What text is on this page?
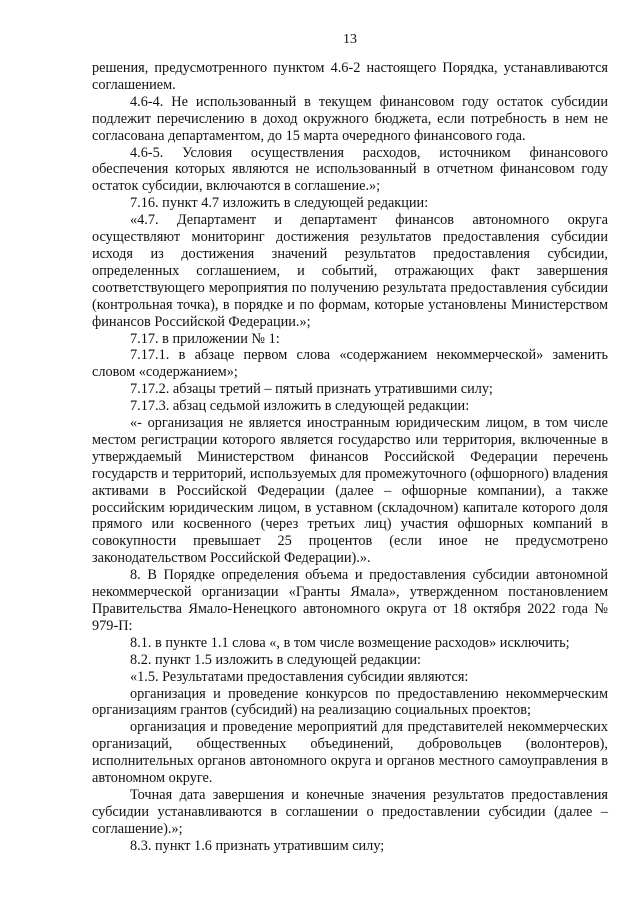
13

решения, предусмотренного пунктом 4.6-2 настоящего Порядка, устанавливаются соглашением.

4.6-4. Не использованный в текущем финансовом году остаток субсидии подлежит перечислению в доход окружного бюджета, если потребность в нем не согласована департаментом, до 15 марта очередного финансового года.

4.6-5. Условия осуществления расходов, источником финансового обеспечения которых являются не использованный в отчетном финансовом году остаток субсидии, включаются в соглашение.»;

7.16. пункт 4.7 изложить в следующей редакции:

«4.7. Департамент и департамент финансов автономного округа осуществляют мониторинг достижения результатов предоставления субсидии исходя из достижения значений результатов предоставления субсидии, определенных соглашением, и событий, отражающих факт завершения соответствующего мероприятия по получению результата предоставления субсидии (контрольная точка), в порядке и по формам, которые установлены Министерством финансов Российской Федерации.»;

7.17. в приложении № 1:

7.17.1. в абзаце первом слова «содержанием некоммерческой» заменить словом «содержанием»;

7.17.2. абзацы третий – пятый признать утратившими силу;

7.17.3. абзац седьмой изложить в следующей редакции:

«- организация не является иностранным юридическим лицом, в том числе местом регистрации которого является государство или территория, включенные в утверждаемый Министерством финансов Российской Федерации перечень государств и территорий, используемых для промежуточного (офшорного) владения активами в Российской Федерации (далее – офшорные компании), а также российским юридическим лицом, в уставном (складочном) капитале которого доля прямого или косвенного (через третьих лиц) участия офшорных компаний в совокупности превышает 25 процентов (если иное не предусмотрено законодательством Российской Федерации).».

8. В Порядке определения объема и предоставления субсидии автономной некоммерческой организации «Гранты Ямала», утвержденном постановлением Правительства Ямало-Ненецкого автономного округа от 18 октября 2022 года № 979-П:

8.1. в пункте 1.1 слова «, в том числе возмещение расходов» исключить;

8.2. пункт 1.5 изложить в следующей редакции:

«1.5. Результатами предоставления субсидии являются:

организация и проведение конкурсов по предоставлению некоммерческим организациям грантов (субсидий) на реализацию социальных проектов;

организация и проведение мероприятий для представителей некоммерческих организаций, общественных объединений, добровольцев (волонтеров), исполнительных органов автономного округа и органов местного самоуправления в автономном округе.

Точная дата завершения и конечные значения результатов предоставления субсидии устанавливаются в соглашении о предоставлении субсидии (далее – соглашение).»;

8.3. пункт 1.6 признать утратившим силу;
